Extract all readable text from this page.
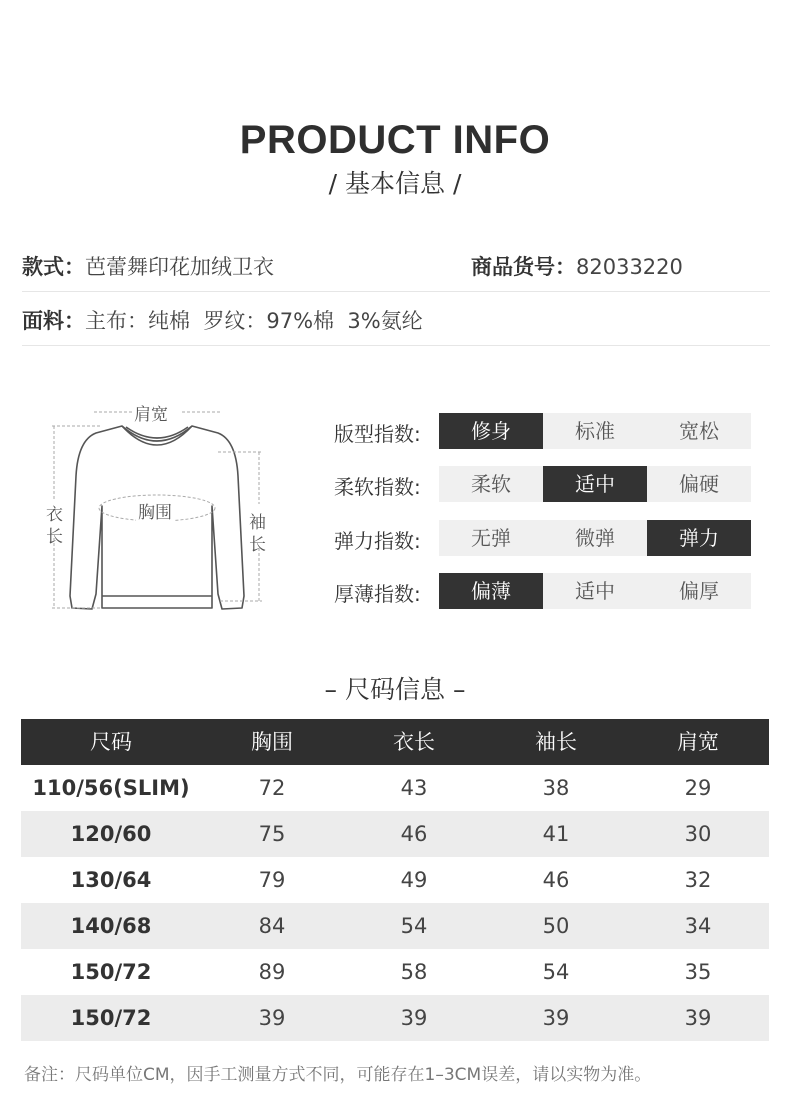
PRODUCT INFO
/ 基本信息 /
款式：芭蕾舞印花加绒卫衣	商品货号：82033220
面料：主布：纯棉  罗纹：97%棉  3%氨纶
肩宽
胸围
衣
长
袖
长
版型指数:	修身	标准	宽松
柔软指数:	柔软	适中	偏硬
弹力指数:	无弹	微弹	弹力
厚薄指数:	偏薄	适中	偏厚
– 尺码信息 –
尺码	胸围	衣长	袖长	肩宽
110/56(SLIM)	72	43	38	29
120/60	75	46	41	30
130/64	79	49	46	32
140/68	84	54	50	34
150/72	89	58	54	35
150/72	39	39	39	39
备注：尺码单位CM，因手工测量方式不同，可能存在1–3CM误差，请以实物为准。
